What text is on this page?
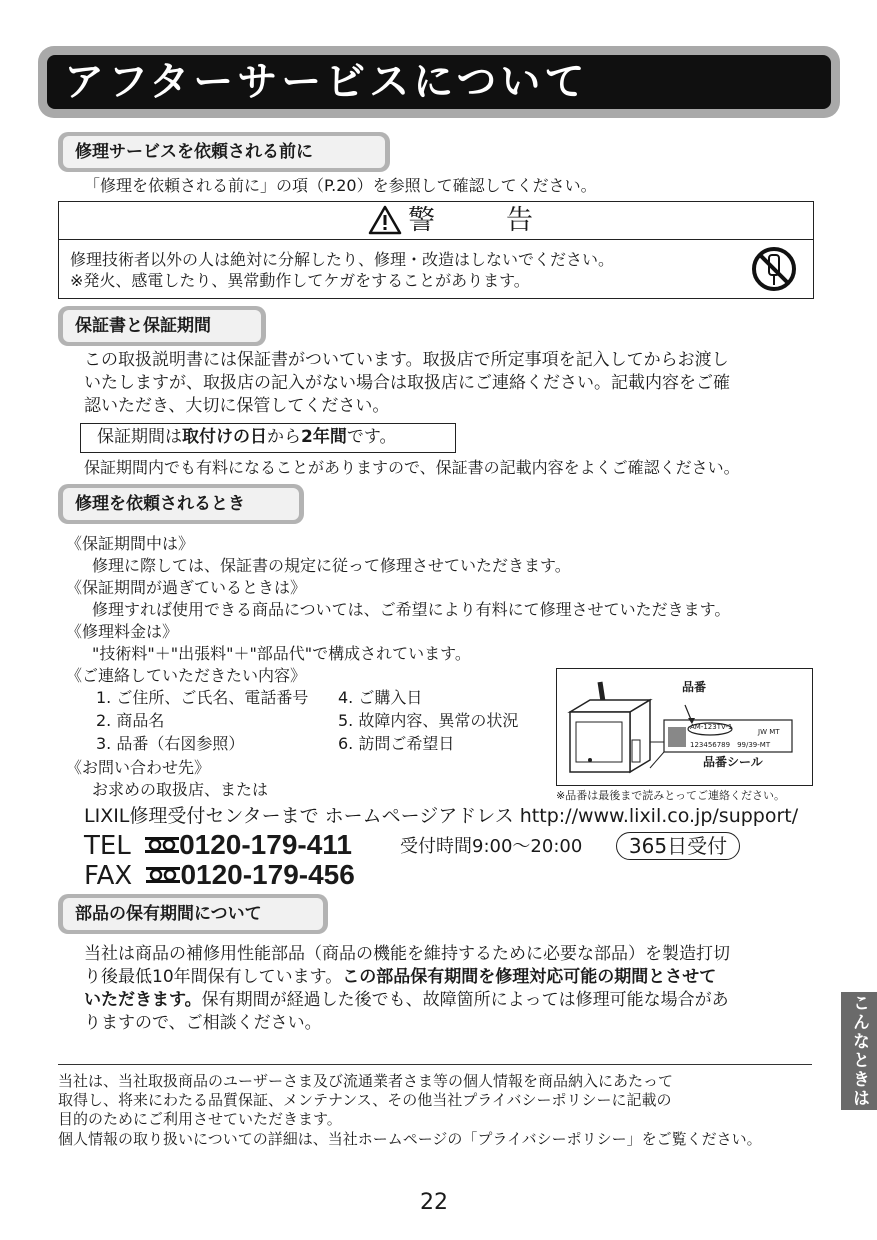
アフターサービスについて
修理サービスを依頼される前に
「修理を依頼される前に」の項（P.20）を参照して確認してください。
警　告
修理技術者以外の人は絶対に分解したり、修理・改造はしないでください。
※発火、感電したり、異常動作してケガをすることがあります。
保証書と保証期間
この取扱説明書には保証書がついています。取扱店で所定事項を記入してからお渡し
いたしますが、取扱店の記入がない場合は取扱店にご連絡ください。記載内容をご確
認いただき、大切に保管してください。
保証期間は取付けの日から2年間です。
保証期間内でも有料になることがありますので、保証書の記載内容をよくご確認ください。
修理を依頼されるとき
《保証期間中は》
修理に際しては、保証書の規定に従って修理させていただきます。
《保証期間が過ぎているときは》
修理すれば使用できる商品については、ご希望により有料にて修理させていただきます。
《修理料金は》
"技術料"＋"出張料"＋"部品代"で構成されています。
《ご連絡していただきたい内容》
1. ご住所、ご氏名、電話番号
2. 商品名
3. 品番（右図参照）
4. ご購入日
5. 故障内容、異常の状況
6. 訪問ご希望日
《お問い合わせ先》
お求めの取扱店、または
品番
AM-123TV-1
123456789　99/39-MT
JW MT
品番シール
※品番は最後まで読みとってご連絡ください。
LIXIL修理受付センターまで ホームページアドレス http://www.lixil.co.jp/support/
TEL 0120-179-411	受付時間9:00～20:00	365日受付
FAX 0120-179-456
部品の保有期間について
当社は商品の補修用性能部品（商品の機能を維持するために必要な部品）を製造打切
り後最低10年間保有しています。この部品保有期間を修理対応可能の期間とさせて
いただきます。保有期間が経過した後でも、故障箇所によっては修理可能な場合があ
りますので、ご相談ください。	こんなときは
当社は、当社取扱商品のユーザーさま及び流通業者さま等の個人情報を商品納入にあたって
取得し、将来にわたる品質保証、メンテナンス、その他当社プライバシーポリシーに記載の
目的のためにご利用させていただきます。
個人情報の取り扱いについての詳細は、当社ホームページの「プライバシーポリシー」をご覧ください。
22
